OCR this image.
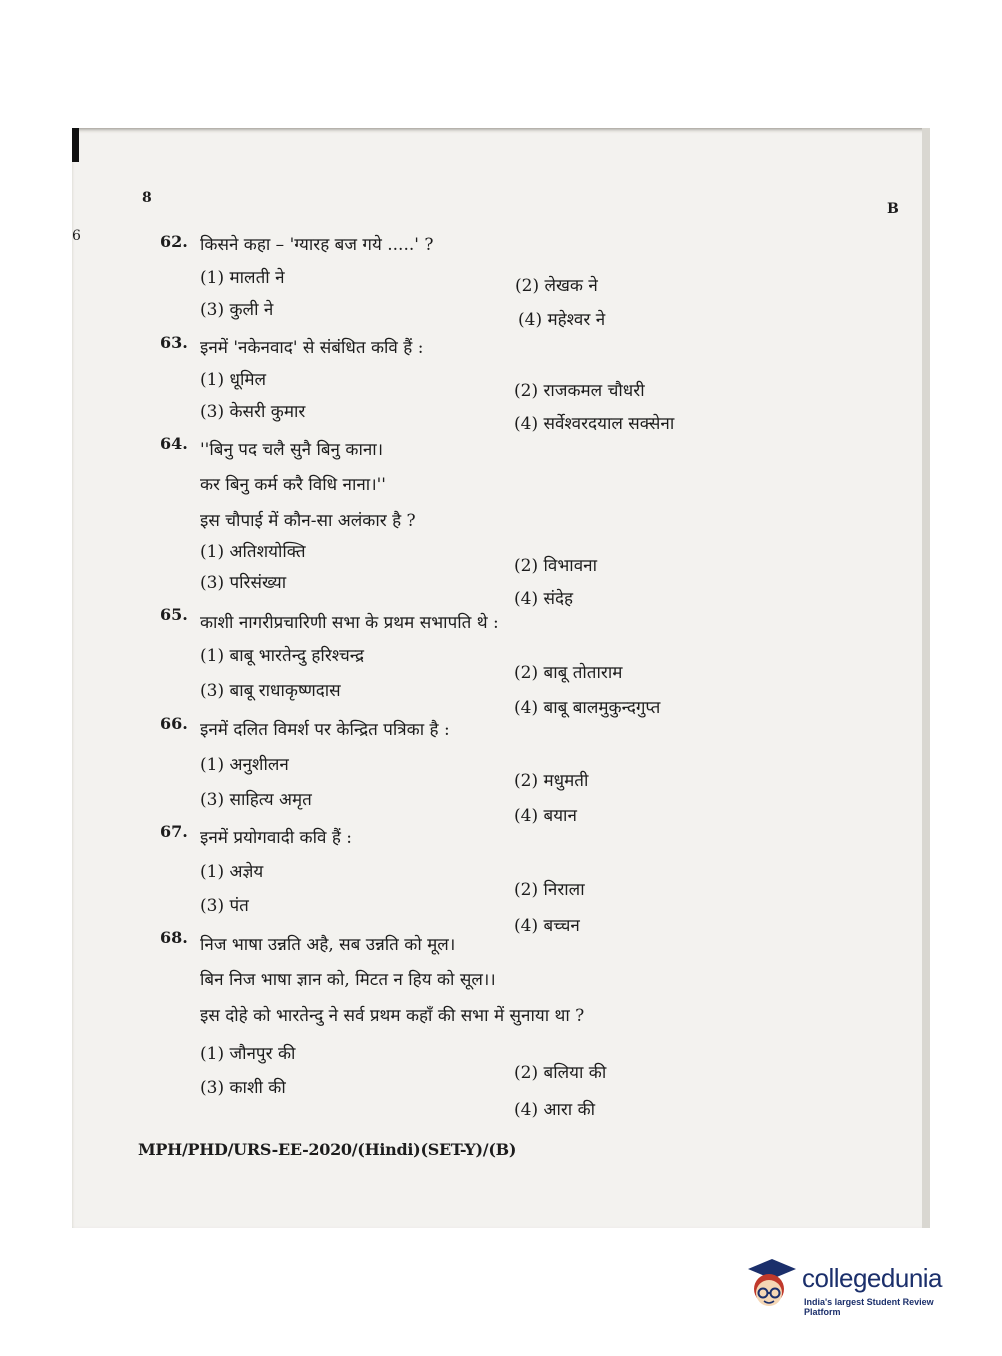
8
B
6	62. किसने कहा – 'ग्यारह बज गये .....' ?
(1) मालती ने	(2) लेखक ने
(3) कुली ने	(4) महेश्वर ने
63. इनमें 'नकेनवाद' से संबंधित कवि हैं :
(1) धूमिल
(2) राजकमल चौधरी
(3) केसरी कुमार
(4) सर्वेश्वरदयाल सक्सेना
64. ''बिनु पद चलै सुनै बिनु काना।
कर बिनु कर्म करै विधि नाना।''
इस चौपाई में कौन-सा अलंकार है ?
(1) अतिशयोक्ति
(2) विभावना
(3) परिसंख्या
(4) संदेह
65. काशी नागरीप्रचारिणी सभा के प्रथम सभापति थे :
(1) बाबू भारतेन्दु हरिश्चन्द्र
(2) बाबू तोताराम
(3) बाबू राधाकृष्णदास
(4) बाबू बालमुकुन्दगुप्त
66. इनमें दलित विमर्श पर केन्द्रित पत्रिका है :
(1) अनुशीलन
(2) मधुमती
(3) साहित्य अमृत
(4) बयान
67. इनमें प्रयोगवादी कवि हैं :
(1) अज्ञेय
(2) निराला
(3) पंत
(4) बच्चन
68. निज भाषा उन्नति अहै, सब उन्नति को मूल।
बिन निज भाषा ज्ञान को, मिटत न हिय को सूल।।
इस दोहे को भारतेन्दु ने सर्व प्रथम कहाँ की सभा में सुनाया था ?
(1) जौनपुर की
(2) बलिया की
(3) काशी की
(4) आरा की
MPH/PHD/URS-EE-2020/(Hindi)(SET-Y)/(B)
collegedunia
India's largest Student Review Platform
